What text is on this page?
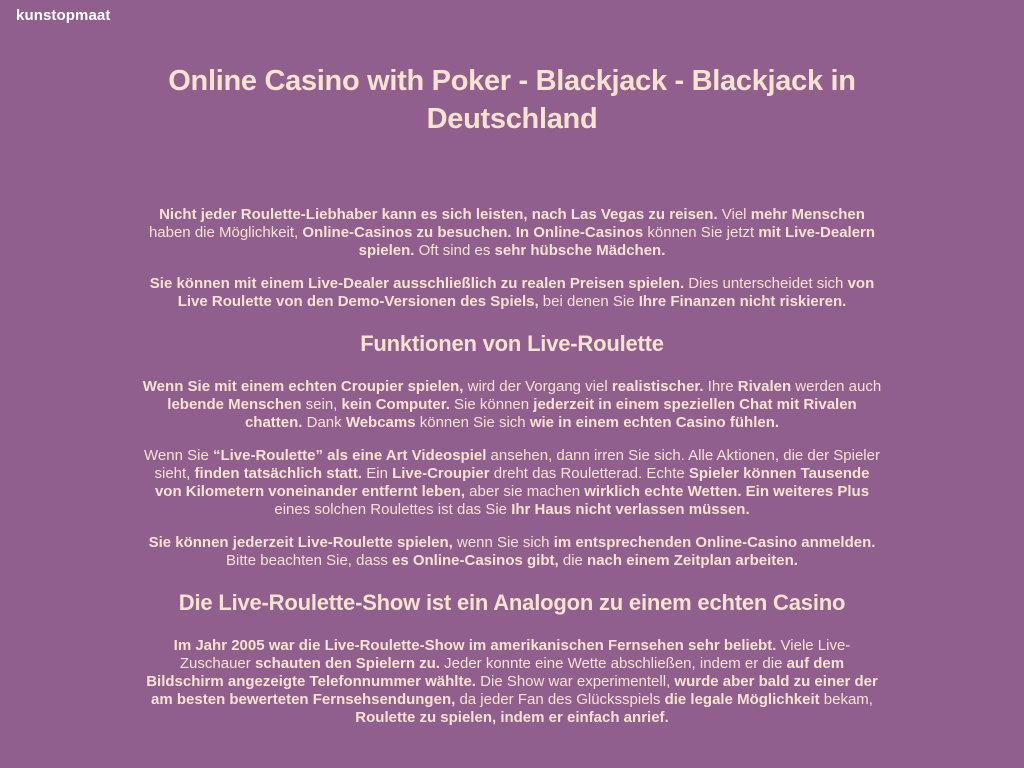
kunstopmaat
Online Casino with Poker - Blackjack - Blackjack in Deutschland

Nicht jeder Roulette-Liebhaber kann es sich leisten, nach Las Vegas zu reisen. Viel mehr Menschen haben die Möglichkeit, Online-Casinos zu besuchen. In Online-Casinos können Sie jetzt mit Live-Dealern spielen. Oft sind es sehr hübsche Mädchen.

Sie können mit einem Live-Dealer ausschließlich zu realen Preisen spielen. Dies unterscheidet sich von Live Roulette von den Demo-Versionen des Spiels, bei denen Sie Ihre Finanzen nicht riskieren.

Funktionen von Live-Roulette

Wenn Sie mit einem echten Croupier spielen, wird der Vorgang viel realistischer. Ihre Rivalen werden auch lebende Menschen sein, kein Computer. Sie können jederzeit in einem speziellen Chat mit Rivalen chatten. Dank Webcams können Sie sich wie in einem echten Casino fühlen.

Wenn Sie “Live-Roulette” als eine Art Videospiel ansehen, dann irren Sie sich. Alle Aktionen, die der Spieler sieht, finden tatsächlich statt. Ein Live-Croupier dreht das Rouletterad. Echte Spieler können Tausende von Kilometern voneinander entfernt leben, aber sie machen wirklich echte Wetten. Ein weiteres Plus eines solchen Roulettes ist das Sie Ihr Haus nicht verlassen müssen.

Sie können jederzeit Live-Roulette spielen, wenn Sie sich im entsprechenden Online-Casino anmelden. Bitte beachten Sie, dass es Online-Casinos gibt, die nach einem Zeitplan arbeiten.

Die Live-Roulette-Show ist ein Analogon zu einem echten Casino

Im Jahr 2005 war die Live-Roulette-Show im amerikanischen Fernsehen sehr beliebt. Viele Live-Zuschauer schauten den Spielern zu. Jeder konnte eine Wette abschließen, indem er die auf dem Bildschirm angezeigte Telefonnummer wählte. Die Show war experimentell, wurde aber bald zu einer der am besten bewerteten Fernsehsendungen, da jeder Fan des Glücksspiels die legale Möglichkeit bekam, Roulette zu spielen, indem er einfach anrief.
